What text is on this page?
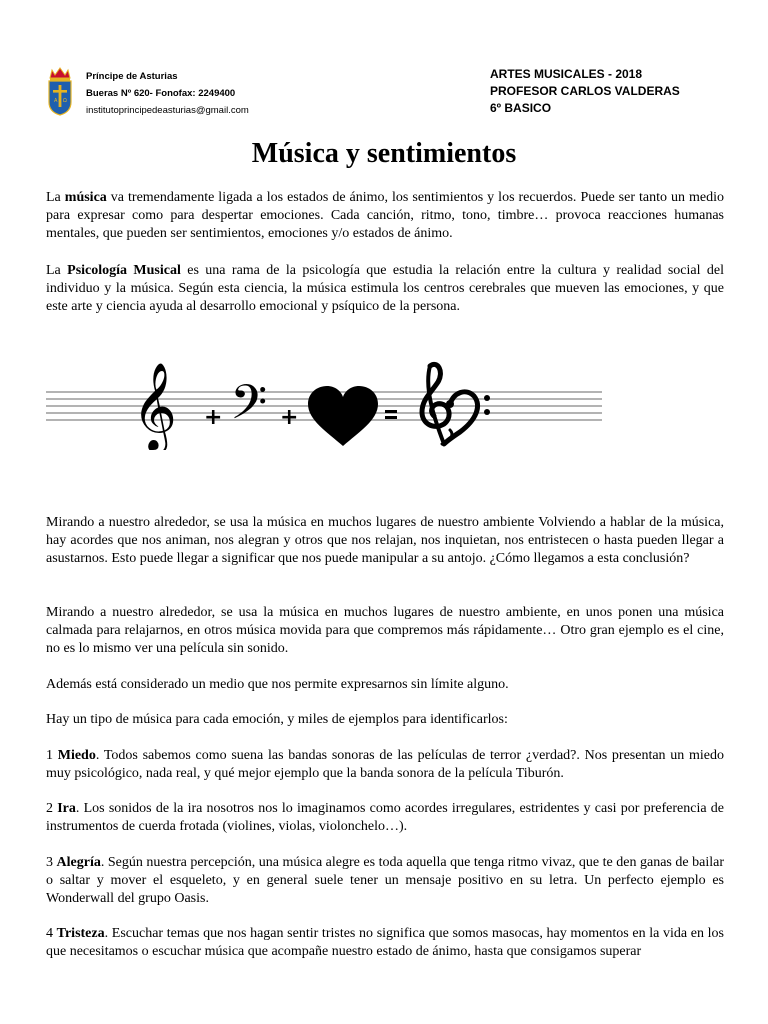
A Ω
Príncipe de Asturias
Bueras Nº 620- Fonofax: 2249400
institutoprincipedeasturias@gmail.com
ARTES MUSICALES - 2018
PROFESOR CARLOS VALDERAS
6º BASICO
Música y sentimientos
La música va tremendamente ligada a los estados de ánimo, los sentimientos y los recuerdos. Puede ser tanto un medio para expresar como para despertar emociones. Cada canción, ritmo, tono, timbre… provoca reacciones humanas mentales, que pueden ser sentimientos, emociones y/o estados de ánimo.
La Psicología Musical es una rama de la psicología que estudia la relación entre la cultura y realidad social del individuo y la música. Según esta ciencia, la música estimula los centros cerebrales que mueven las emociones, y que este arte y ciencia ayuda al desarrollo emocional y psíquico de la persona.
𝄞 + 𝄢 +
Mirando a nuestro alrededor, se usa la música en muchos lugares de nuestro ambiente Volviendo a hablar de la música, hay acordes que nos animan, nos alegran y otros que nos relajan, nos inquietan, nos entristecen o hasta pueden llegar a asustarnos. Esto puede llegar a significar que nos puede manipular a su antojo. ¿Cómo llegamos a esta conclusión?
Mirando a nuestro alrededor, se usa la música en muchos lugares de nuestro ambiente, en unos ponen una música calmada para relajarnos, en otros música movida para que compremos más rápidamente… Otro gran ejemplo es el cine, no es lo mismo ver una película sin sonido.
Además está considerado un medio que nos permite expresarnos sin límite alguno.
Hay un tipo de música para cada emoción, y miles de ejemplos para identificarlos:
1 Miedo. Todos sabemos como suena las bandas sonoras de las películas de terror ¿verdad?. Nos presentan un miedo muy psicológico, nada real, y qué mejor ejemplo que la banda sonora de la película Tiburón.
2 Ira. Los sonidos de la ira nosotros nos lo imaginamos como acordes irregulares, estridentes y casi por preferencia de instrumentos de cuerda frotada (violines, violas, violonchelo…).
3 Alegría. Según nuestra percepción, una música alegre es toda aquella que tenga ritmo vivaz, que te den ganas de bailar o saltar y mover el esqueleto, y en general suele tener un mensaje positivo en su letra. Un perfecto ejemplo es Wonderwall del grupo Oasis.
4 Tristeza. Escuchar temas que nos hagan sentir tristes no significa que somos masocas, hay momentos en la vida en los que necesitamos o escuchar música que acompañe nuestro estado de ánimo, hasta que consigamos superar
